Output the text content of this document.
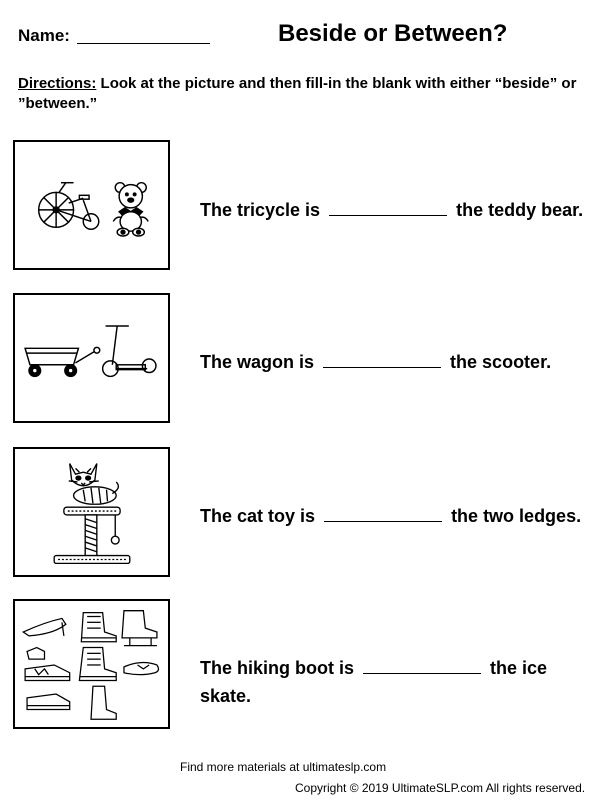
Name:	Beside or Between?
Directions: Look at the picture and then fill-in the blank with either “beside” or ”between.”
The tricycle is	the teddy bear.
The wagon is	the scooter.
The cat toy is	the two ledges.
The hiking boot is	the ice skate.
Find more materials at ultimateslp.com
Copyright © 2019 UltimateSLP.com All rights reserved.
